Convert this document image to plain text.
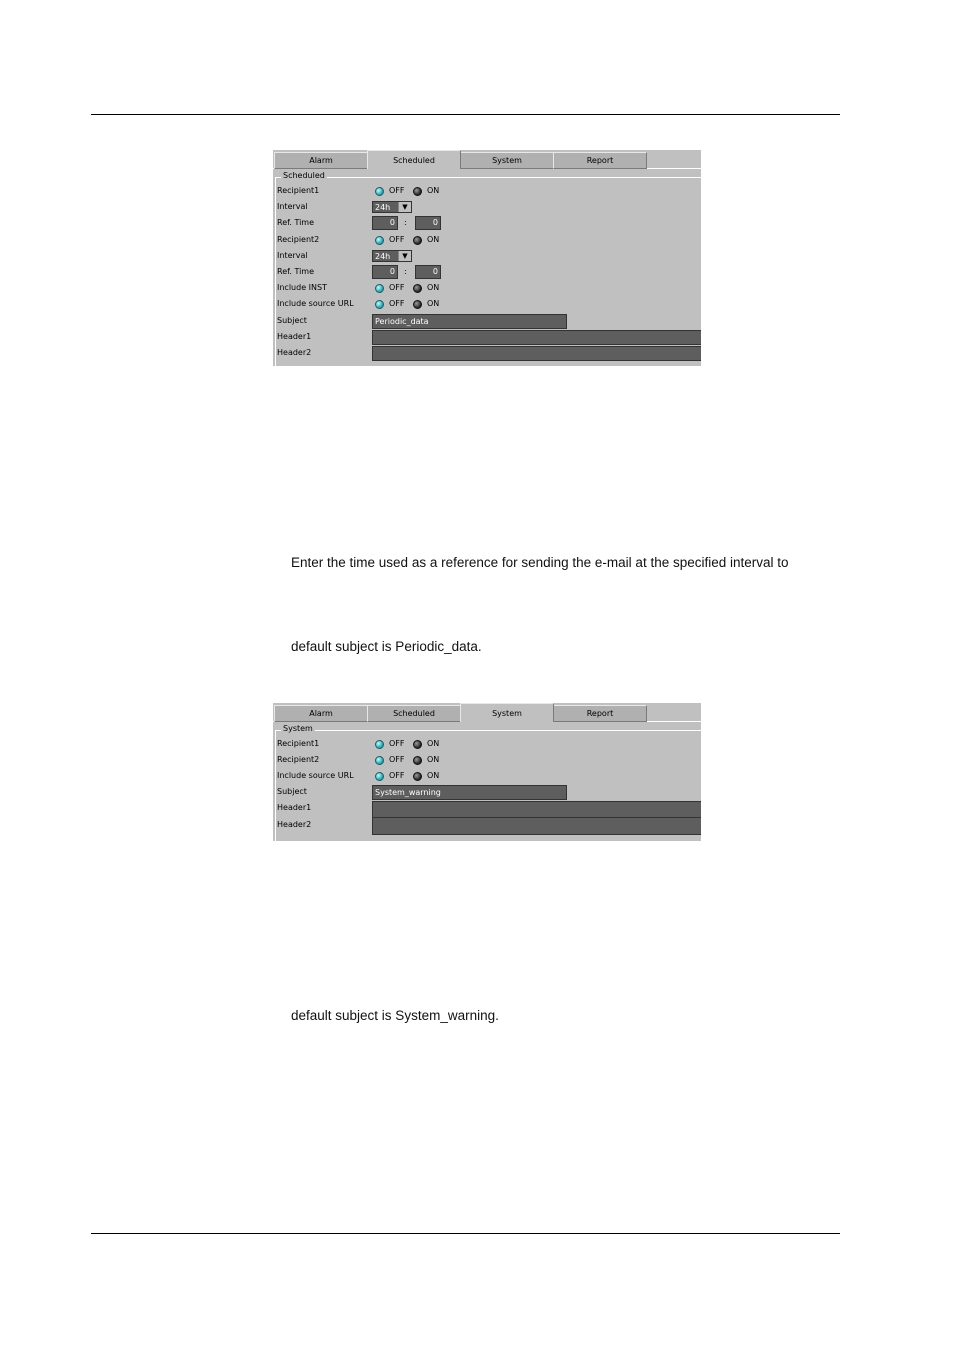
Alarm	Scheduled	System	Report
Scheduled
Recipient1	OFF	ON
Interval	24h	▼
Ref. Time	0	:	0
Recipient2	OFF	ON
Interval	24h	▼
Ref. Time	0	:	0
Include INST	OFF	ON
Include source URL	OFF	ON
Subject	Periodic_data
Header1
Header2
Enter the time used as a reference for sending the e-mail at the specified interval to
default subject is Periodic_data.
Alarm	Scheduled	System	Report
System
Recipient1	OFF	ON
Recipient2	OFF	ON
Include source URL	OFF	ON
Subject	System_warning
Header1
Header2
default subject is System_warning.
